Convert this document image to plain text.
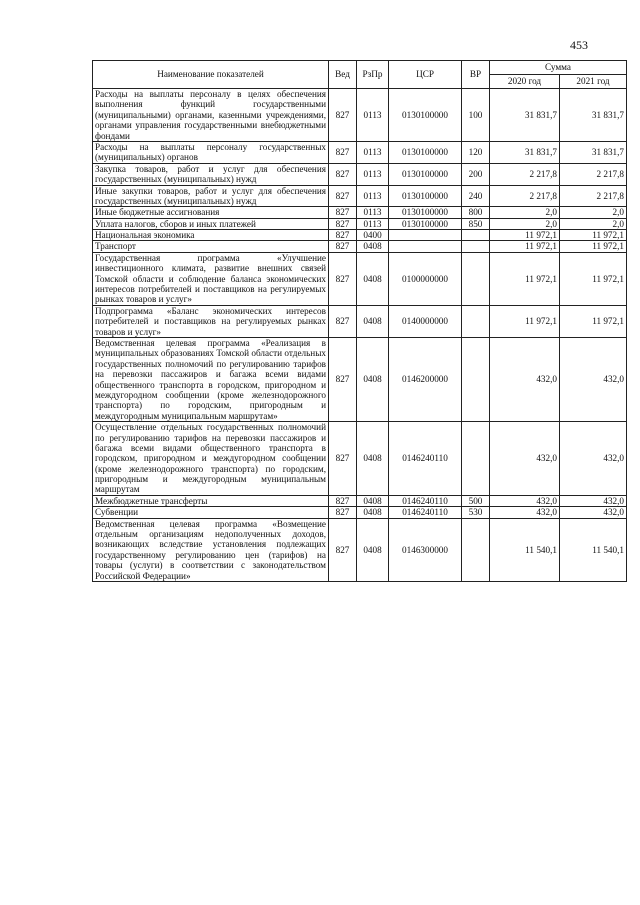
453
Наименование показателей	Вед	РзПр	ЦСР	ВР	Сумма	
					2020 год	2021 год
Расходы на выплаты персоналу в целях обеспечения выполнения функций государственными (муниципальными) органами, казенными учреждениями, органами управления государственными внебюджетными фондами	827	0113	0130100000	100	31 831,7	31 831,7
Расходы на выплаты персоналу государственных (муниципальных) органов	827	0113	0130100000	120	31 831,7	31 831,7
Закупка товаров, работ и услуг для обеспечения государственных (муниципальных) нужд	827	0113	0130100000	200	2 217,8	2 217,8
Иные закупки товаров, работ и услуг для обеспечения государственных (муниципальных) нужд	827	0113	0130100000	240	2 217,8	2 217,8
Иные бюджетные ассигнования	827	0113	0130100000	800	2,0	2,0
Уплата налогов, сборов и иных платежей	827	0113	0130100000	850	2,0	2,0
Национальная экономика	827	0400			11 972,1	11 972,1
Транспорт	827	0408			11 972,1	11 972,1
Государственная программа «Улучшение инвестиционного климата, развитие внешних связей Томской области и соблюдение баланса экономических интересов потребителей и поставщиков на регулируемых рынках товаров и услуг»	827	0408	0100000000		11 972,1	11 972,1
Подпрограмма «Баланс экономических интересов потребителей и поставщиков на регулируемых рынках товаров и услуг»	827	0408	0140000000		11 972,1	11 972,1
Ведомственная целевая программа «Реализация в муниципальных образованиях Томской области отдельных государственных полномочий по регулированию тарифов на перевозки пассажиров и багажа всеми видами общественного транспорта в городском, пригородном и междугородном сообщении (кроме железнодорожного транспорта) по городским, пригородным и междугородным муниципальным маршрутам»	827	0408	0146200000		432,0	432,0
Осуществление отдельных государственных полномочий по регулированию тарифов на перевозки пассажиров и багажа всеми видами общественного транспорта в городском, пригородном и междугородном сообщении (кроме железнодорожного транспорта) по городским, пригородным и междугородным муниципальным маршрутам	827	0408	0146240110		432,0	432,0
Межбюджетные трансферты	827	0408	0146240110	500	432,0	432,0
Субвенции	827	0408	0146240110	530	432,0	432,0
Ведомственная целевая программа «Возмещение отдельным организациям недополученных доходов, возникающих вследствие установления подлежащих государственному регулированию цен (тарифов) на товары (услуги) в соответствии с законодательством Российской Федерации»	827	0408	0146300000		11 540,1	11 540,1
